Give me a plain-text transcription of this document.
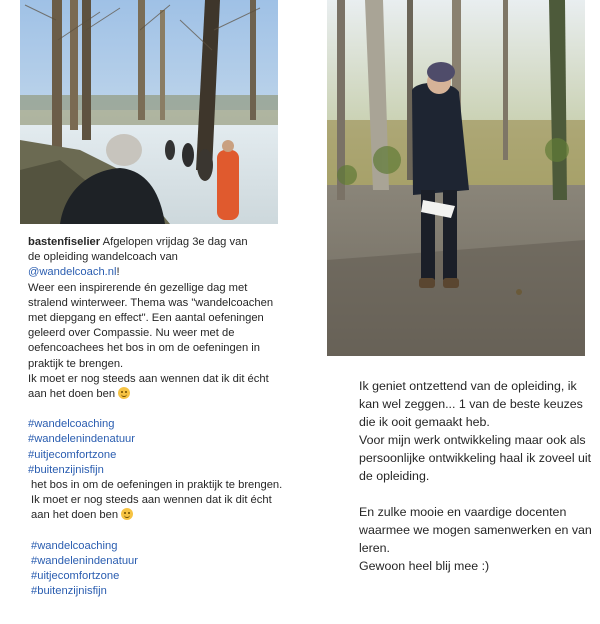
bastenfiselier Afgelopen vrijdag 3e dag van

de opleiding wandelcoach van

@wandelcoach.nl!

Weer een inspirerende én gezellige dag met stralend winterweer. Thema was "wandelcoachen met diepgang en effect". Een aantal oefeningen geleerd over Compassie. Nu weer met de oefencoachees het bos in om de oefeningen in praktijk te brengen.

Ik moet er nog steeds aan wennen dat ik dit écht aan het doen ben

#wandelcoaching
#wandelenindenatuur
#uitjecomfortzone
#buitenzijnisfijn

het bos in om de oefeningen in praktijk te brengen.

Ik moet er nog steeds aan wennen dat ik dit écht aan het doen ben

#wandelcoaching
#wandelenindenatuur
#uitjecomfortzone
#buitenzijnisfijn

Ik geniet ontzettend van de opleiding, ik kan wel zeggen... 1 van de beste keuzes die ik ooit gemaakt heb.

Voor mijn werk ontwikkeling maar ook als persoonlijke ontwikkeling haal ik zoveel uit de opleiding.

En zulke mooie en vaardige docenten waarmee we mogen samenwerken en van leren.

Gewoon heel blij mee :)
